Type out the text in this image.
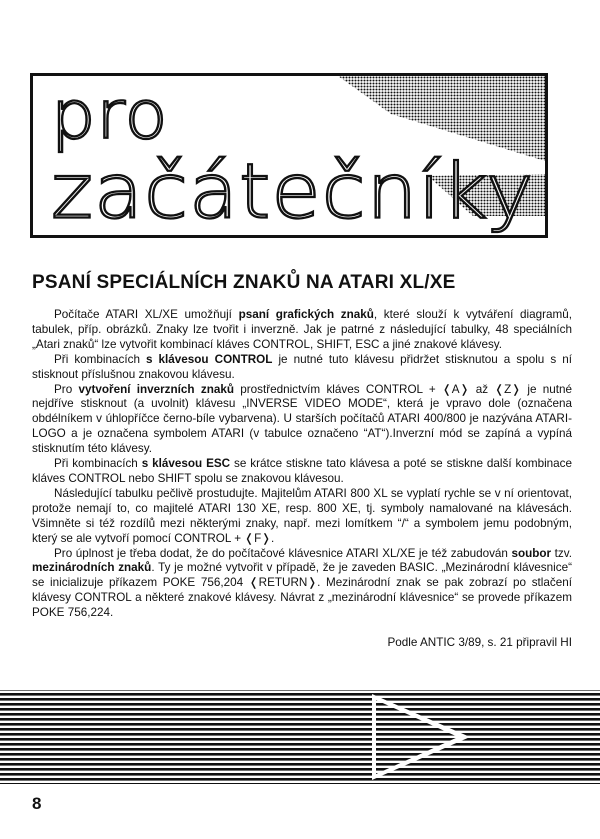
pro
začátečníky
PSANÍ SPECIÁLNÍCH ZNAKŮ NA ATARI XL/XE

Počítače ATARI XL/XE umožňují psaní grafických znaků, které slouží k vytváření diagramů, tabulek, příp. obrázků. Znaky lze tvořit i inverzně. Jak je patrné z následující tabulky, 48 speciálních „Atari znaků“ lze vytvořit kombinací kláves CONTROL, SHIFT, ESC a jiné znakové klávesy.

Při kombinacích s klávesou CONTROL je nutné tuto klávesu přidržet stisknutou a spolu s ní stisknout příslušnou znakovou klávesu.

Pro vytvoření inverzních znaků prostřednictvím kláves CONTROL + ❬A❭ až ❬Z❭ je nutné nejdříve stisknout (a uvolnit) klávesu „INVERSE VIDEO MODE“, která je vpravo dole (označena obdélníkem v úhlopříčce černo-bíle vybarvena). U starších počítačů ATARI 400/800 je nazývána ATARI-LOGO a je označena symbolem ATARI (v tabulce označeno “AT“).Inverzní mód se zapíná a vypíná stisknutím této klávesy.

Při kombinacích s klávesou ESC se krátce stiskne tato klávesa a poté se stiskne další kombinace kláves CONTROL nebo SHIFT spolu se znakovou klávesou.

Následující tabulku pečlivě prostudujte. Majitelům ATARI 800 XL se vyplatí rychle se v ní orientovat, protože nemají to, co majitelé ATARI 130 XE, resp. 800 XE, tj. symboly namalované na klávesách. Všimněte si též rozdílů mezi některými znaky, např. mezi lomítkem “/“ a symbolem jemu podobným, který se ale vytvoří pomocí CONTROL + ❬F❭.

Pro úplnost je třeba dodat, že do počítačové klávesnice ATARI XL/XE je též zabudován soubor tzv. mezinárodních znaků. Ty je možné vytvořit v případě, že je zaveden BASIC. „Mezinárodní klávesnice“ se inicializuje příkazem POKE 756,204 ❬RETURN❭. Mezinárodní znak se pak zobrazí po stlačení klávesy CONTROL a některé znakové klávesy. Návrat z „mezinárodní klávesnice“ se provede příkazem POKE 756,224.

Podle ANTIC 3/89, s. 21 připravil HI
8
